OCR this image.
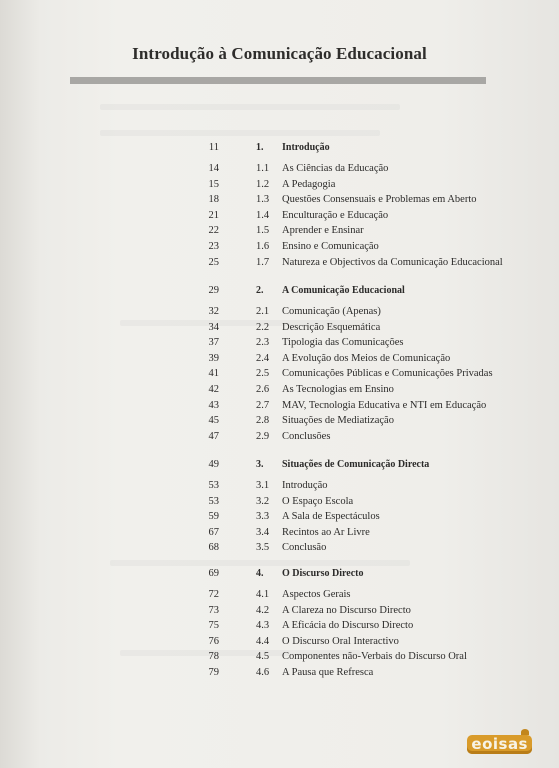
Introdução à Comunicação Educacional
11	1. Introdução
14	1.1 As Ciências da Educação
15	1.2 A Pedagogia
18	1.3 Questões Consensuais e Problemas em Aberto
21	1.4 Enculturação e Educação
22	1.5 Aprender e Ensinar
23	1.6 Ensino e Comunicação
25	1.7 Natureza e Objectivos da Comunicação Educacional
29	2. A Comunicação Educacional
32	2.1 Comunicação (Apenas)
34	2.2 Descrição Esquemática
37	2.3 Tipologia das Comunicações
39	2.4 A Evolução dos Meios de Comunicação
41	2.5 Comunicações Públicas e Comunicações Privadas
42	2.6 As Tecnologias em Ensino
43	2.7 MAV, Tecnologia Educativa e NTI em Educação
45	2.8 Situações de Mediatização
47	2.9 Conclusões
49	3. Situações de Comunicação Directa
53	3.1 Introdução
53	3.2 O Espaço Escola
59	3.3 A Sala de Espectáculos
67	3.4 Recintos ao Ar Livre
68	3.5 Conclusão
69	4. O Discurso Directo
72	4.1 Aspectos Gerais
73	4.2 A Clareza no Discurso Directo
75	4.3 A Eficácia do Discurso Directo
76	4.4 O Discurso Oral Interactivo
78	4.5 Componentes não-Verbais do Discurso Oral
79	4.6 A Pausa que Refresca
eoisas
